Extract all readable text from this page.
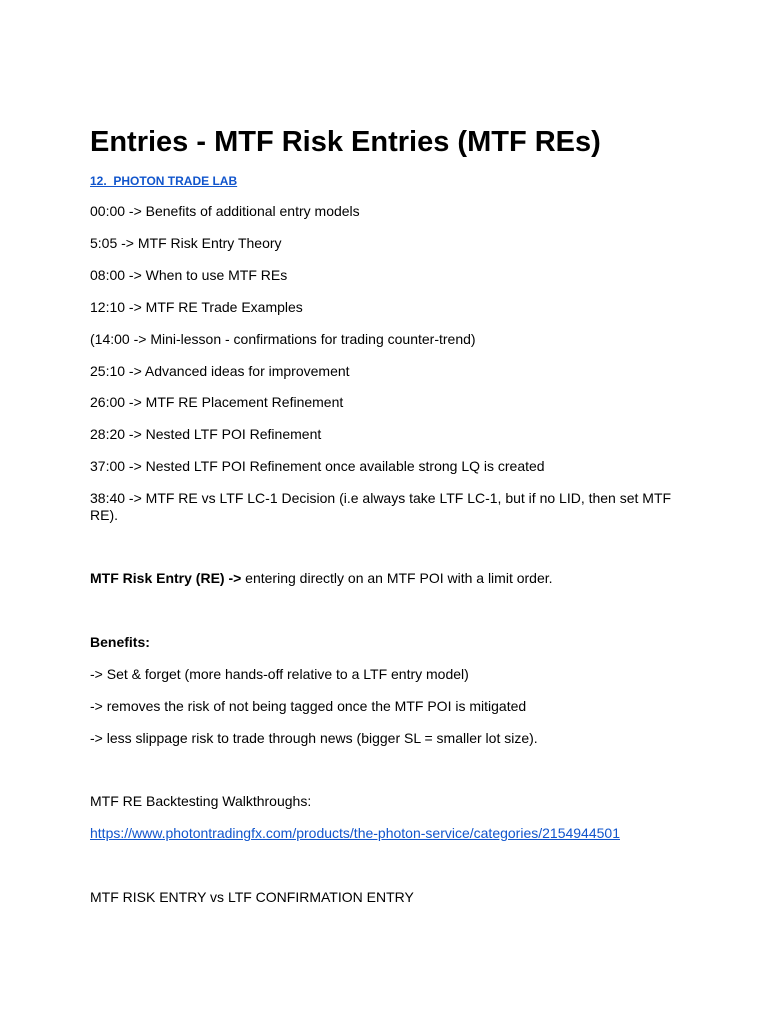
Entries - MTF Risk Entries (MTF REs)
12.  PHOTON TRADE LAB
00:00 -> Benefits of additional entry models
5:05 -> MTF Risk Entry Theory
08:00 -> When to use MTF REs
12:10 -> MTF RE Trade Examples
(14:00 -> Mini-lesson - confirmations for trading counter-trend)
25:10 -> Advanced ideas for improvement
26:00 -> MTF RE Placement Refinement
28:20 -> Nested LTF POI Refinement
37:00 -> Nested LTF POI Refinement once available strong LQ is created
38:40 -> MTF RE vs LTF LC-1 Decision (i.e always take LTF LC-1, but if no LID, then set MTF RE).
MTF Risk Entry (RE) -> entering directly on an MTF POI with a limit order.
Benefits:
-> Set & forget (more hands-off relative to a LTF entry model)
-> removes the risk of not being tagged once the MTF POI is mitigated
-> less slippage risk to trade through news (bigger SL = smaller lot size).
MTF RE Backtesting Walkthroughs:
https://www.photontradingfx.com/products/the-photon-service/categories/2154944501
MTF RISK ENTRY vs LTF CONFIRMATION ENTRY
